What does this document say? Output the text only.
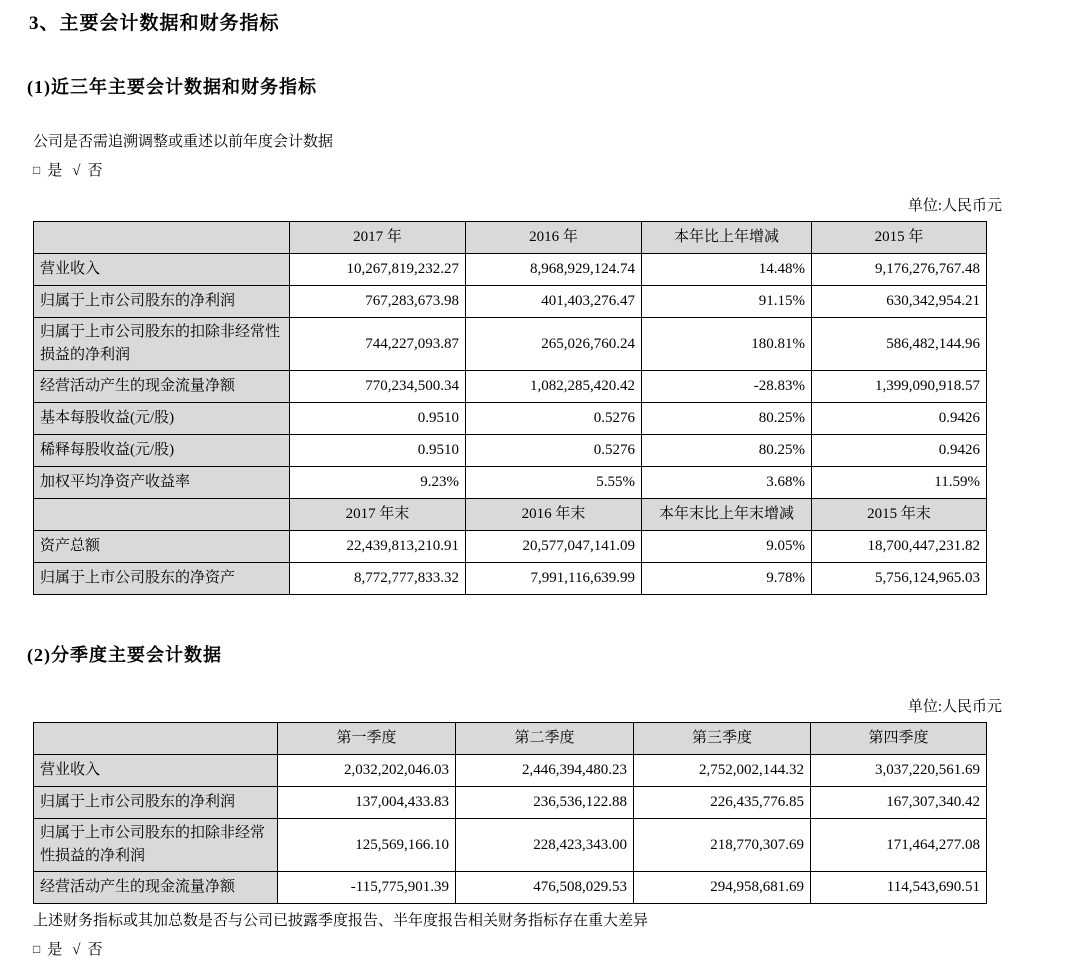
3、主要会计数据和财务指标
(1)近三年主要会计数据和财务指标
公司是否需追溯调整或重述以前年度会计数据
□ 是 √ 否
单位:人民币元
	2017 年	2016 年	本年比上年增减	2015 年
营业收入	10,267,819,232.27	8,968,929,124.74	14.48%	9,176,276,767.48
归属于上市公司股东的净利润	767,283,673.98	401,403,276.47	91.15%	630,342,954.21
归属于上市公司股东的扣除非经常性损益的净利润	744,227,093.87	265,026,760.24	180.81%	586,482,144.96
经营活动产生的现金流量净额	770,234,500.34	1,082,285,420.42	-28.83%	1,399,090,918.57
基本每股收益(元/股)	0.9510	0.5276	80.25%	0.9426
稀释每股收益(元/股)	0.9510	0.5276	80.25%	0.9426
加权平均净资产收益率	9.23%	5.55%	3.68%	11.59%
	2017 年末	2016 年末	本年末比上年末增减	2015 年末
资产总额	22,439,813,210.91	20,577,047,141.09	9.05%	18,700,447,231.82
归属于上市公司股东的净资产	8,772,777,833.32	7,991,116,639.99	9.78%	5,756,124,965.03
(2)分季度主要会计数据
单位:人民币元
	第一季度	第二季度	第三季度	第四季度
营业收入	2,032,202,046.03	2,446,394,480.23	2,752,002,144.32	3,037,220,561.69
归属于上市公司股东的净利润	137,004,433.83	236,536,122.88	226,435,776.85	167,307,340.42
归属于上市公司股东的扣除非经常性损益的净利润	125,569,166.10	228,423,343.00	218,770,307.69	171,464,277.08
经营活动产生的现金流量净额	-115,775,901.39	476,508,029.53	294,958,681.69	114,543,690.51
上述财务指标或其加总数是否与公司已披露季度报告、半年度报告相关财务指标存在重大差异
□ 是 √ 否
